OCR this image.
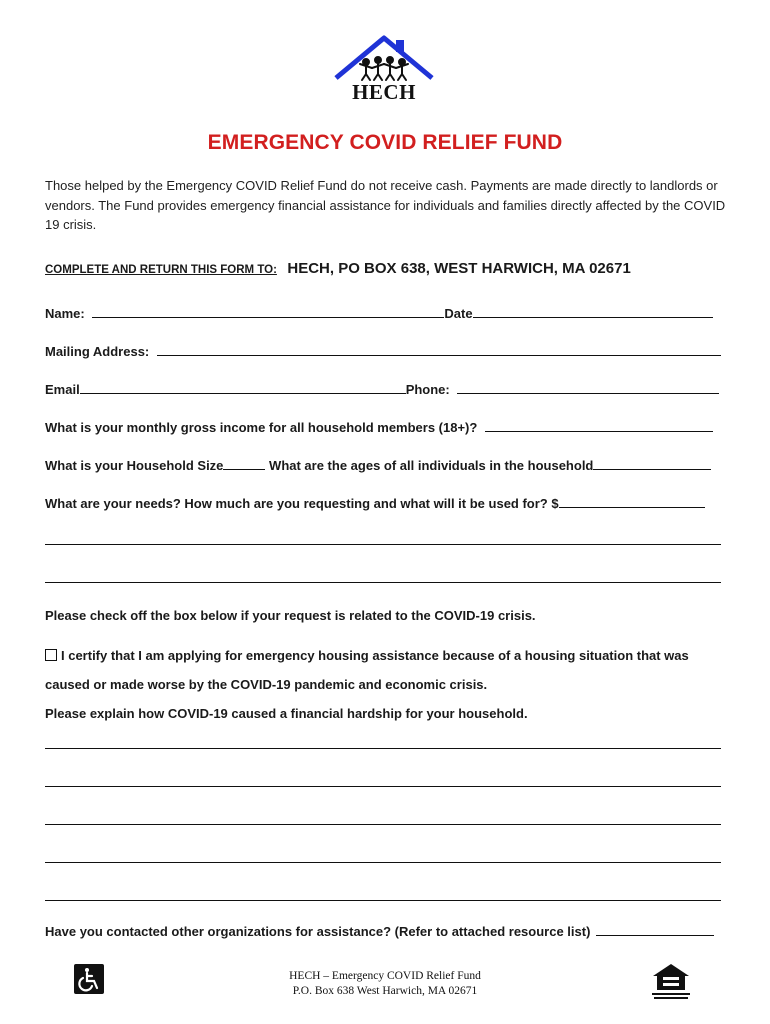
HECH
EMERGENCY COVID RELIEF FUND
Those helped by the Emergency COVID Relief Fund do not receive cash. Payments are made directly to landlords or vendors. The Fund provides emergency financial assistance for individuals and families directly affected by the COVID 19 crisis.
COMPLETE AND RETURN THIS FORM TO: HECH, PO BOX 638, WEST HARWICH, MA 02671
Name:	Date
Mailing Address:
Email	Phone:
What is your monthly gross income for all household members (18+)?
What is your Household Size	What are the ages of all individuals in the household
What are your needs? How much are you requesting and what will it be used for? $
Please check off the box below if your request is related to the COVID-19 crisis.
I certify that I am applying for emergency housing assistance because of a housing situation that was
caused or made worse by the COVID-19 pandemic and economic crisis.
Please explain how COVID-19 caused a financial hardship for your household.
Have you contacted other organizations for assistance? (Refer to attached resource list)
HECH – Emergency COVID Relief Fund
P.O. Box 638 West Harwich, MA 02671
